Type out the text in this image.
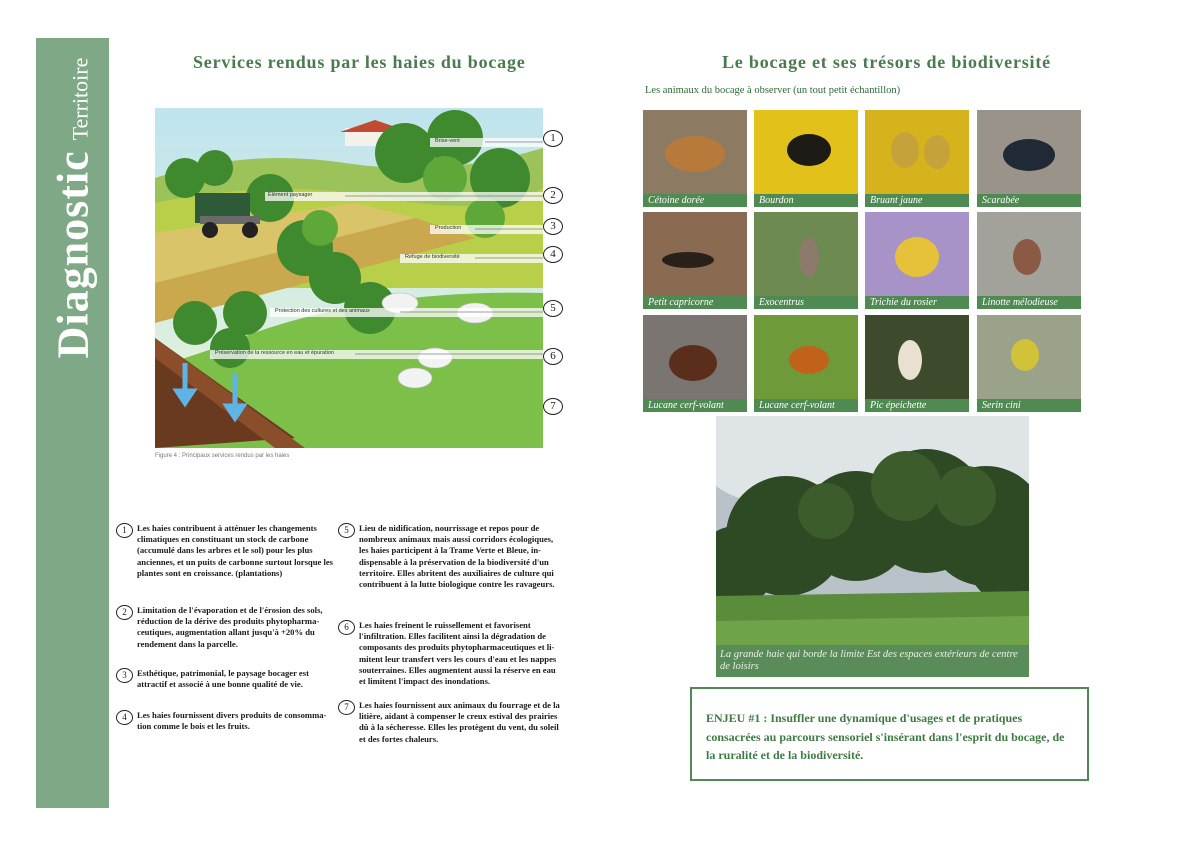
DiagnosticTerritoire	Services rendus par les haies du bocage
Brise-vent
Élément paysager
Production
Refuge de biodiversité
Protection des cultures et des animaux
Préservation de la ressource en eau et épuration
Figure 4 : Principaux services rendus par les haies
1
2
3
4
5
6
7
1	Les haies contribuent à atténuer les changements climatiques en constituant un stock de carbone (accumulé dans les arbres et le sol) pour les plus anciennes, et un puits de carbonne surtout lorsque les plantes sont en croissance. (plantations)
2	Limitation de l'évaporation et de l'érosion des sols, réduction de la dérive des produits phytopharma-ceutiques, augmentation allant jusqu'à +20% du rendement dans la parcelle.
3	Esthétique, patrimonial, le paysage bocager est attractif et associé à une bonne qualité de vie.
4	Les haies fournissent divers produits de consomma-tion comme le bois et les fruits.
5	Lieu de nidification, nourrissage et repos pour de nombreux animaux mais aussi corridors écologiques, les haies participent à la Trame Verte et Bleue, in-dispensable à la préservation de la biodiversité d'un territoire. Elles abritent des auxiliaires de culture qui contribuent à la lutte biologique contre les ravageurs.
6	Les haies freinent le ruissellement et favorisent l'infiltration. Elles facilitent ainsi la dégradation de composants des produits phytopharmaceutiques et li-mitent leur transfert vers les cours d'eau et les nappes souterraines. Elles augmentent aussi la réserve en eau et limitent l'impact des inondations.
7	Les haies fournissent aux animaux du fourrage et de la litière, aidant à compenser le creux estival des prairies dû à la sécheresse. Elles les protègent du vent, du soleil et des fortes chaleurs.
Le bocage et ses trésors de biodiversité
Les animaux du bocage à observer (un tout petit échantillon)
Cétoine dorée	Bourdon	Bruant jaune	Scarabée
Petit capricorne	Exocentrus	Trichie du rosier	Linotte mélodieuse
Lucane cerf-volant	Lucane cerf-volant	Pic épeichette	Serin cini
La grande haie qui borde la limite Est des espaces extérieurs de centre de loisirs
ENJEU #1 : Insuffler une dynamique d'usages et de pratiques consacrées au parcours sensoriel s'insérant dans l'esprit du bocage, de la ruralité et de la biodiversité.
